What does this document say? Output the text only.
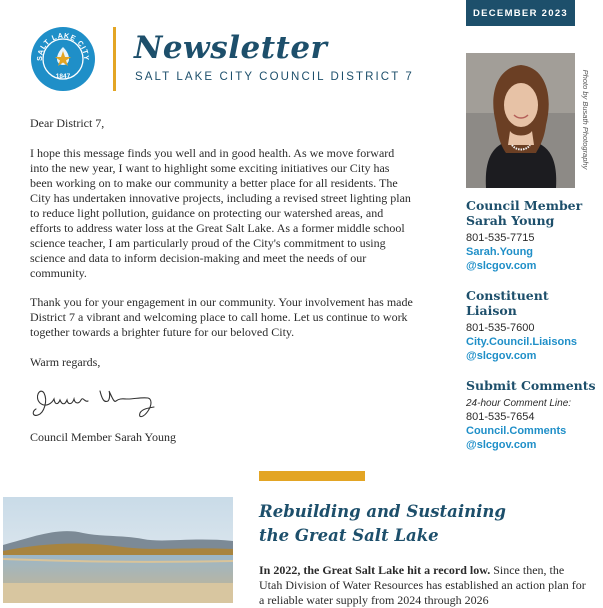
SALT LAKE CITY
1847
Newsletter
SALT LAKE CITY COUNCIL DISTRICT 7
DECEMBER 2023
Dear District 7,
I hope this message finds you well and in good health. As we move forward into the new year, I want to highlight some exciting initiatives our City has been working on to make our community a better place for all residents. The City has undertaken innovative projects, including a revised street lighting plan to reduce light pollution, guidance on protecting our watershed areas, and efforts to address water loss at the Great Salt Lake. As a former middle school science teacher, I am particularly proud of the City's commitment to using science and data to inform decision-making and meet the needs of our community.
Thank you for your engagement in our community. Your involvement has made District 7 a vibrant and welcoming place to call home. Let us continue to work together towards a brighter future for our beloved City.
Warm regards,
Council Member Sarah Young
Photo by Busath Photography
Council Member
Sarah Young
801-535-7715
Sarah.Young
@slcgov.com
Constituent
Liaison
801-535-7600
City.Council.Liaisons
@slcgov.com
Submit Comments
24-hour Comment Line:
801-535-7654
Council.Comments
@slcgov.com
Rebuilding and Sustaining
the Great Salt Lake
In 2022, the Great Salt Lake hit a record low. Since then, the Utah Division of Water Resources has established an action plan for a reliable water supply from 2024 through 2026
